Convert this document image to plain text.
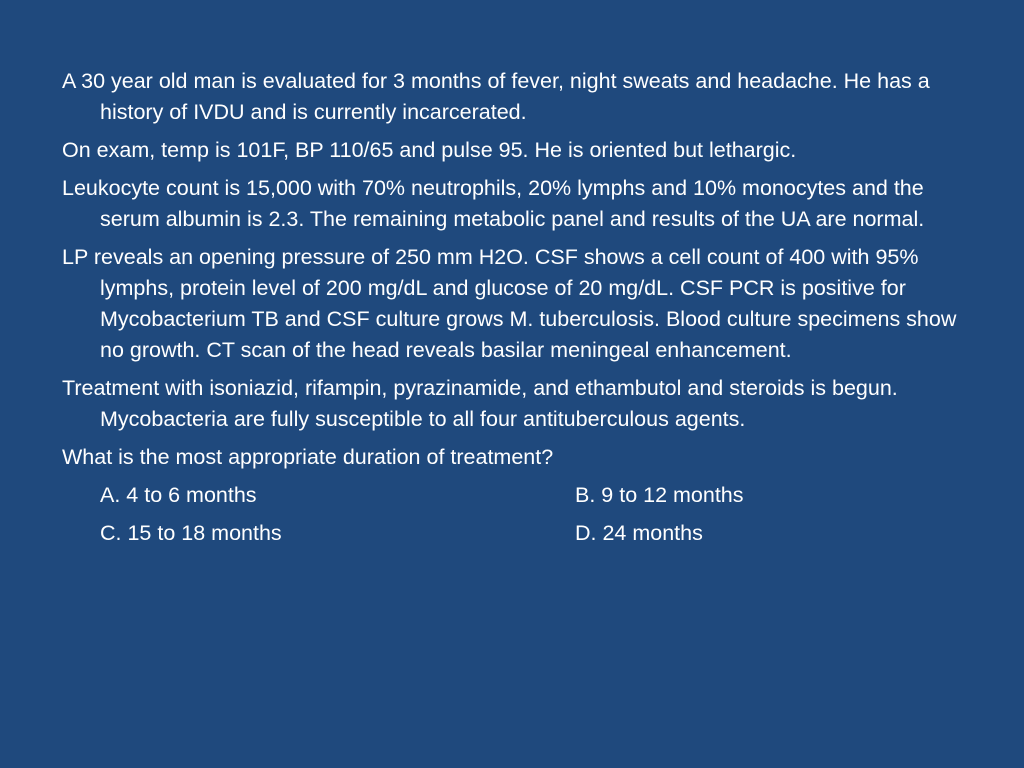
A 30 year old man is evaluated for 3 months of fever, night sweats and headache. He has a history of IVDU and is currently incarcerated.

On exam, temp is 101F, BP 110/65 and pulse 95. He is oriented but lethargic.

Leukocyte count is 15,000 with 70% neutrophils, 20% lymphs and 10% monocytes and the serum albumin is 2.3. The remaining metabolic panel and results of the UA are normal.

LP reveals an opening pressure of 250 mm H2O. CSF shows a cell count of 400 with 95% lymphs, protein level of 200 mg/dL and glucose of 20 mg/dL. CSF PCR is positive for Mycobacterium TB and CSF culture grows M. tuberculosis. Blood culture specimens show no growth. CT scan of the head reveals basilar meningeal enhancement.

Treatment with isoniazid, rifampin, pyrazinamide, and ethambutol and steroids is begun. Mycobacteria are fully susceptible to all four antituberculous agents.

What is the most appropriate duration of treatment?

A. 4 to 6 months	B. 9 to 12 months
C. 15 to 18 months	D. 24 months
